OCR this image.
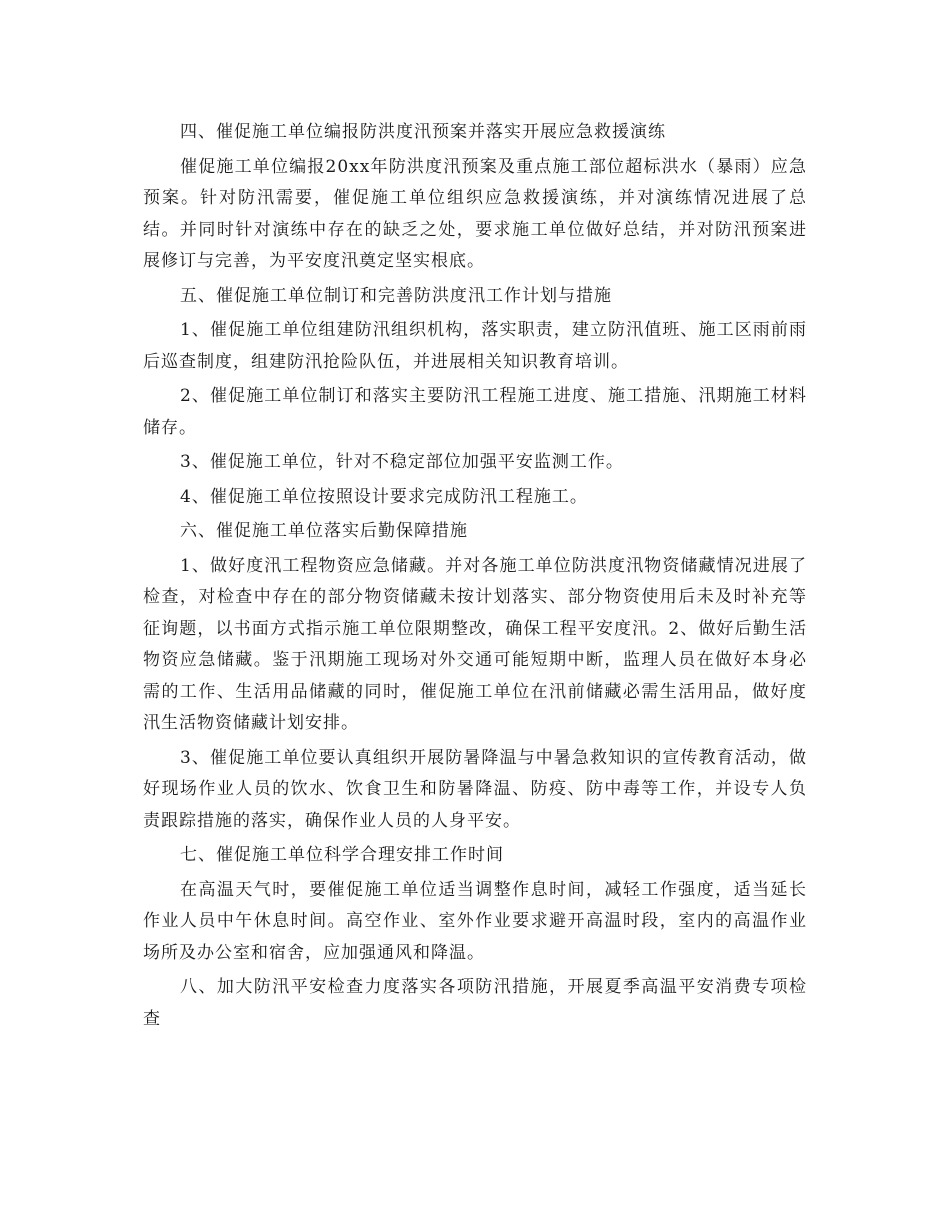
四、催促施工单位编报防洪度汛预案并落实开展应急救援演练

催促施工单位编报20xx年防洪度汛预案及重点施工部位超标洪水（暴雨）应急预案。针对防汛需要，催促施工单位组织应急救援演练，并对演练情况进展了总结。并同时针对演练中存在的缺乏之处，要求施工单位做好总结，并对防汛预案进展修订与完善，为平安度汛奠定坚实根底。

五、催促施工单位制订和完善防洪度汛工作计划与措施

1、催促施工单位组建防汛组织机构，落实职责，建立防汛值班、施工区雨前雨后巡查制度，组建防汛抢险队伍，并进展相关知识教育培训。

2、催促施工单位制订和落实主要防汛工程施工进度、施工措施、汛期施工材料储存。

3、催促施工单位，针对不稳定部位加强平安监测工作。

4、催促施工单位按照设计要求完成防汛工程施工。

六、催促施工单位落实后勤保障措施

1、做好度汛工程物资应急储藏。并对各施工单位防洪度汛物资储藏情况进展了检查，对检查中存在的部分物资储藏未按计划落实、部分物资使用后未及时补充等征询题，以书面方式指示施工单位限期整改，确保工程平安度汛。2、做好后勤生活物资应急储藏。鉴于汛期施工现场对外交通可能短期中断，监理人员在做好本身必需的工作、生活用品储藏的同时，催促施工单位在汛前储藏必需生活用品，做好度汛生活物资储藏计划安排。

3、催促施工单位要认真组织开展防暑降温与中暑急救知识的宣传教育活动，做好现场作业人员的饮水、饮食卫生和防暑降温、防疫、防中毒等工作，并设专人负责跟踪措施的落实，确保作业人员的人身平安。

七、催促施工单位科学合理安排工作时间

在高温天气时，要催促施工单位适当调整作息时间，减轻工作强度，适当延长作业人员中午休息时间。高空作业、室外作业要求避开高温时段，室内的高温作业场所及办公室和宿舍，应加强通风和降温。

八、加大防汛平安检查力度落实各项防汛措施，开展夏季高温平安消费专项检查
